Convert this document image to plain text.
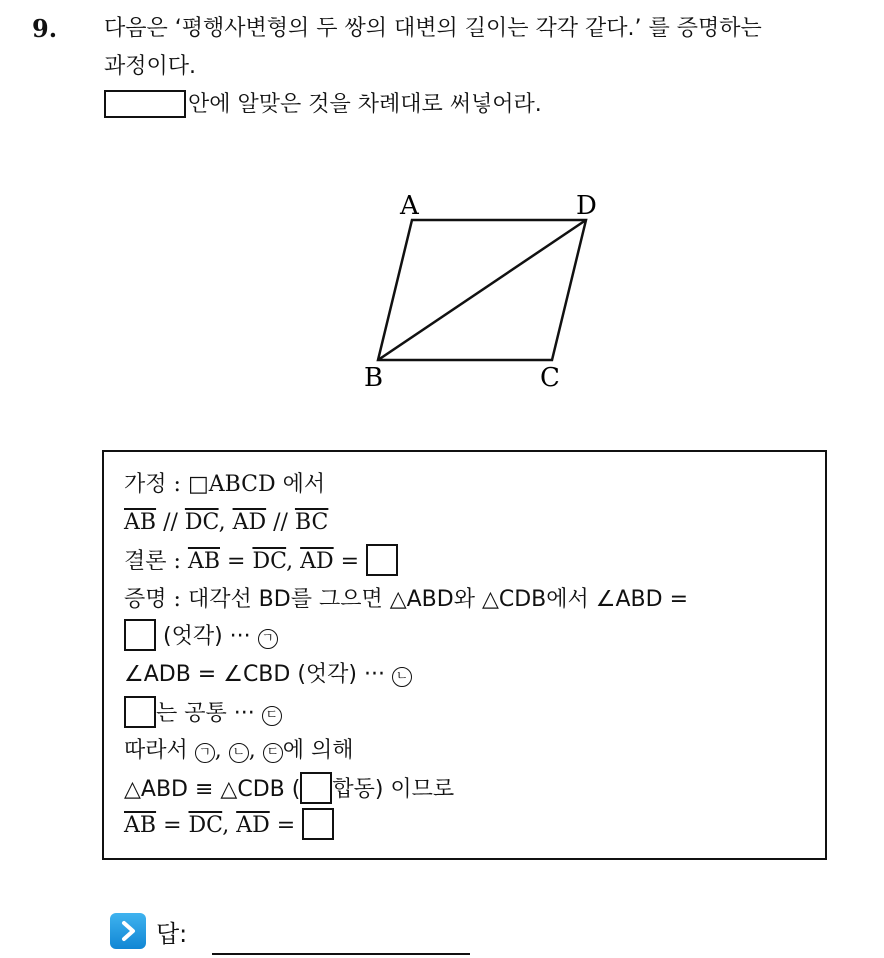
9. 다음은 ‘평행사변형의 두 쌍의 대변의 길이는 각각 같다.’ 를 증명하는
과정이다.
안에 알맞은 것을 차례대로 써넣어라.
A	D
B	C
가정 : □ABCD 에서
$\overline{AB} // \overline{DC}$, $\overline{AD} // \overline{BC}$
결론 : $\overline{AB} = \overline{DC}$, $\overline{AD}$ =
증명 : 대각선 BD를 그으면 △ABD와 △CDB에서 ∠ABD =
(엇각) ··· ㄱ
∠ADB = ∠CBD (엇각) ··· ㄴ
는 공통 ··· ㄷ
따라서 ㄱ , ㄴ , ㄷ 에 의해
△ABD ≡ △CDB ( 합동) 이므로
$\overline{AB} = \overline{DC}$, $\overline{AD}$ =
답:
